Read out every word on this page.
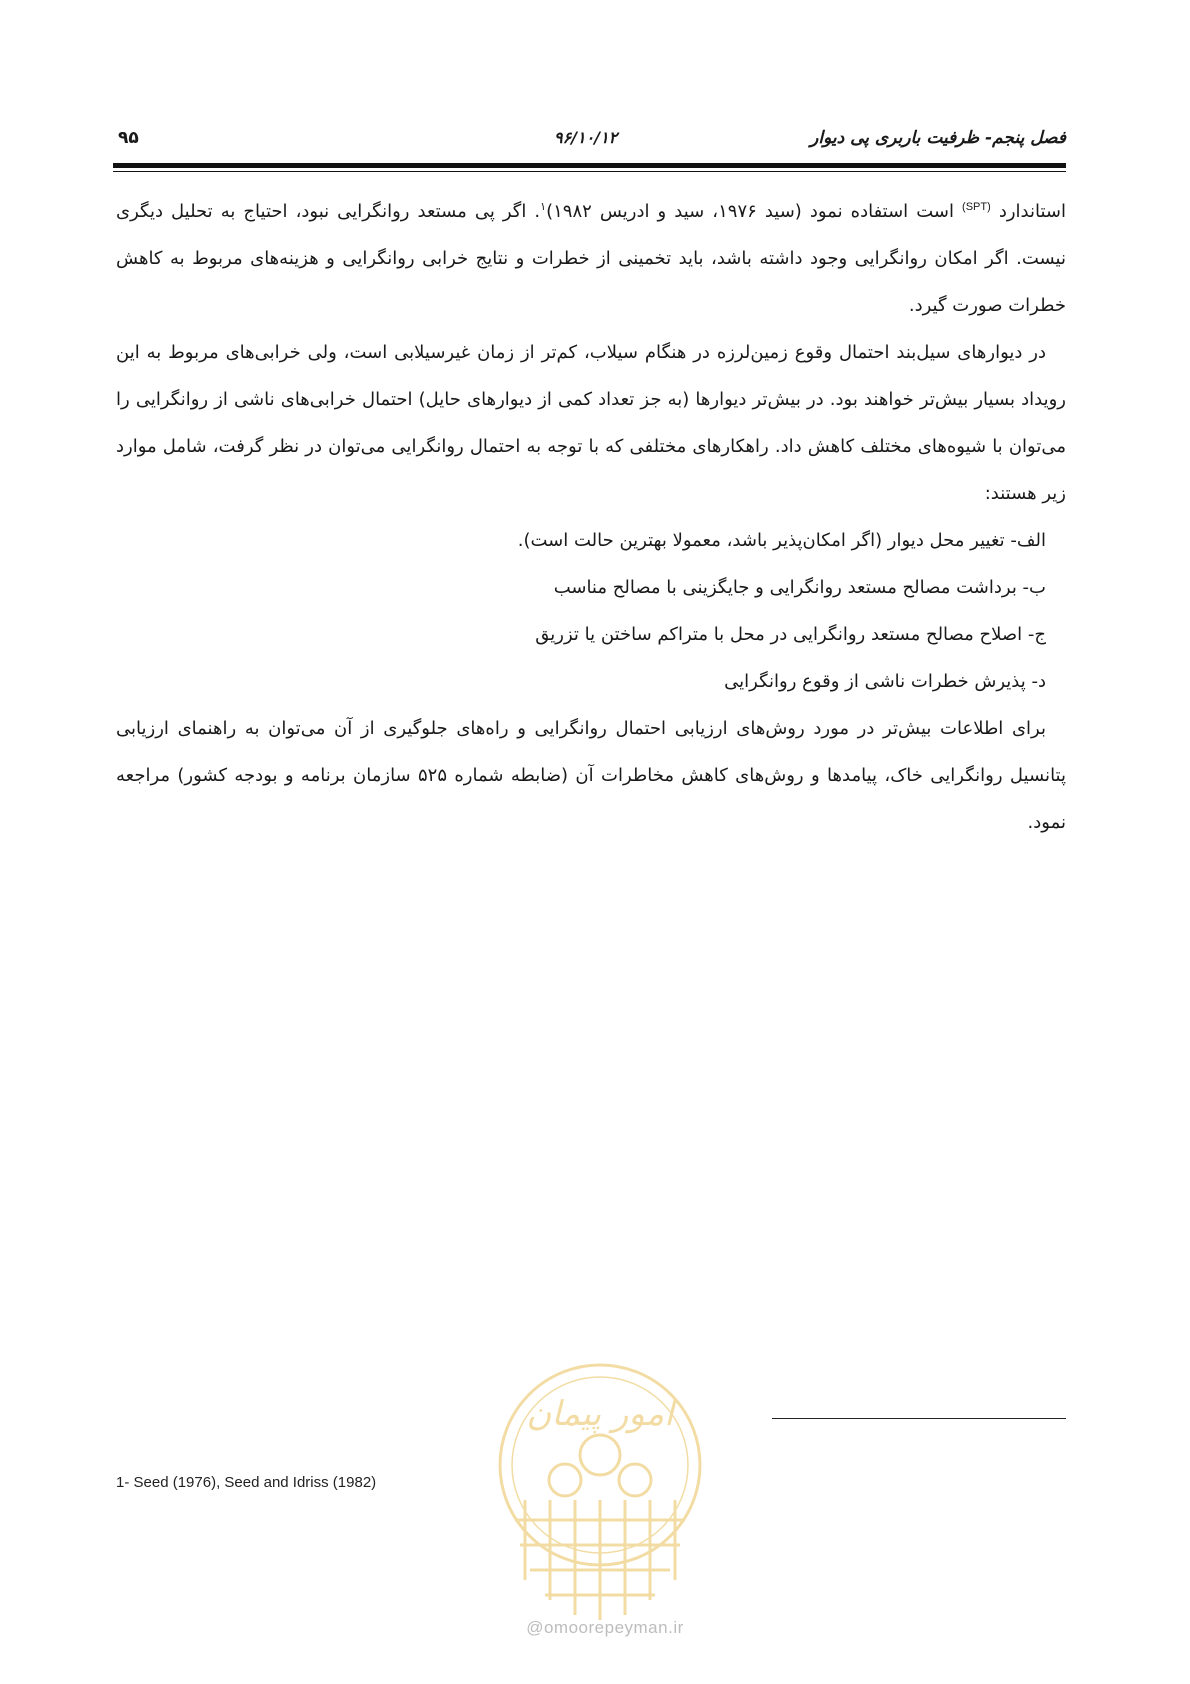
فصل پنجم- ظرفیت باربری پی دیوار
۹۶/۱۰/۱۲
۹۵

استاندارد $^{(SPT)}$ است استفاده نمود (سید ۱۹۷۶، سید و ادریس ۱۹۸۲)$^۱$. اگر پی مستعد روانگرایی نبود، احتیاج به تحلیل دیگری نیست. اگر امکان روانگرایی وجود داشته باشد، باید تخمینی از خطرات و نتایج خرابی روانگرایی و هزینه‌های مربوط به کاهش خطرات صورت گیرد.

در دیوارهای سیل‌بند احتمال وقوع زمین‌لرزه در هنگام سیلاب، کم‌تر از زمان غیرسیلابی است، ولی خرابی‌های مربوط به این رویداد بسیار بیش‌تر خواهند بود. در بیش‌تر دیوارها (به جز تعداد کمی از دیوارهای حایل) احتمال خرابی‌های ناشی از روانگرایی را می‌توان با شیوه‌های مختلف کاهش داد. راهکارهای مختلفی که با توجه به احتمال روانگرایی می‌توان در نظر گرفت، شامل موارد زیر هستند:

الف- تغییر محل دیوار (اگر امکان‌پذیر باشد، معمولا بهترین حالت است).

ب- برداشت مصالح مستعد روانگرایی و جایگزینی با مصالح مناسب

ج- اصلاح مصالح مستعد روانگرایی در محل با متراکم ساختن یا تزریق

د- پذیرش خطرات ناشی از وقوع روانگرایی

برای اطلاعات بیش‌تر در مورد روش‌های ارزیابی احتمال روانگرایی و راه‌های جلوگیری از آن می‌توان به راهنمای ارزیابی پتانسیل روانگرایی خاک، پیامدها و روش‌های کاهش مخاطرات آن (ضابطه شماره ۵۲۵ سازمان برنامه و بودجه کشور) مراجعه نمود.

1- Seed (1976), Seed and Idriss (1982)
امور پیمان
@omoorepeyman.ir
